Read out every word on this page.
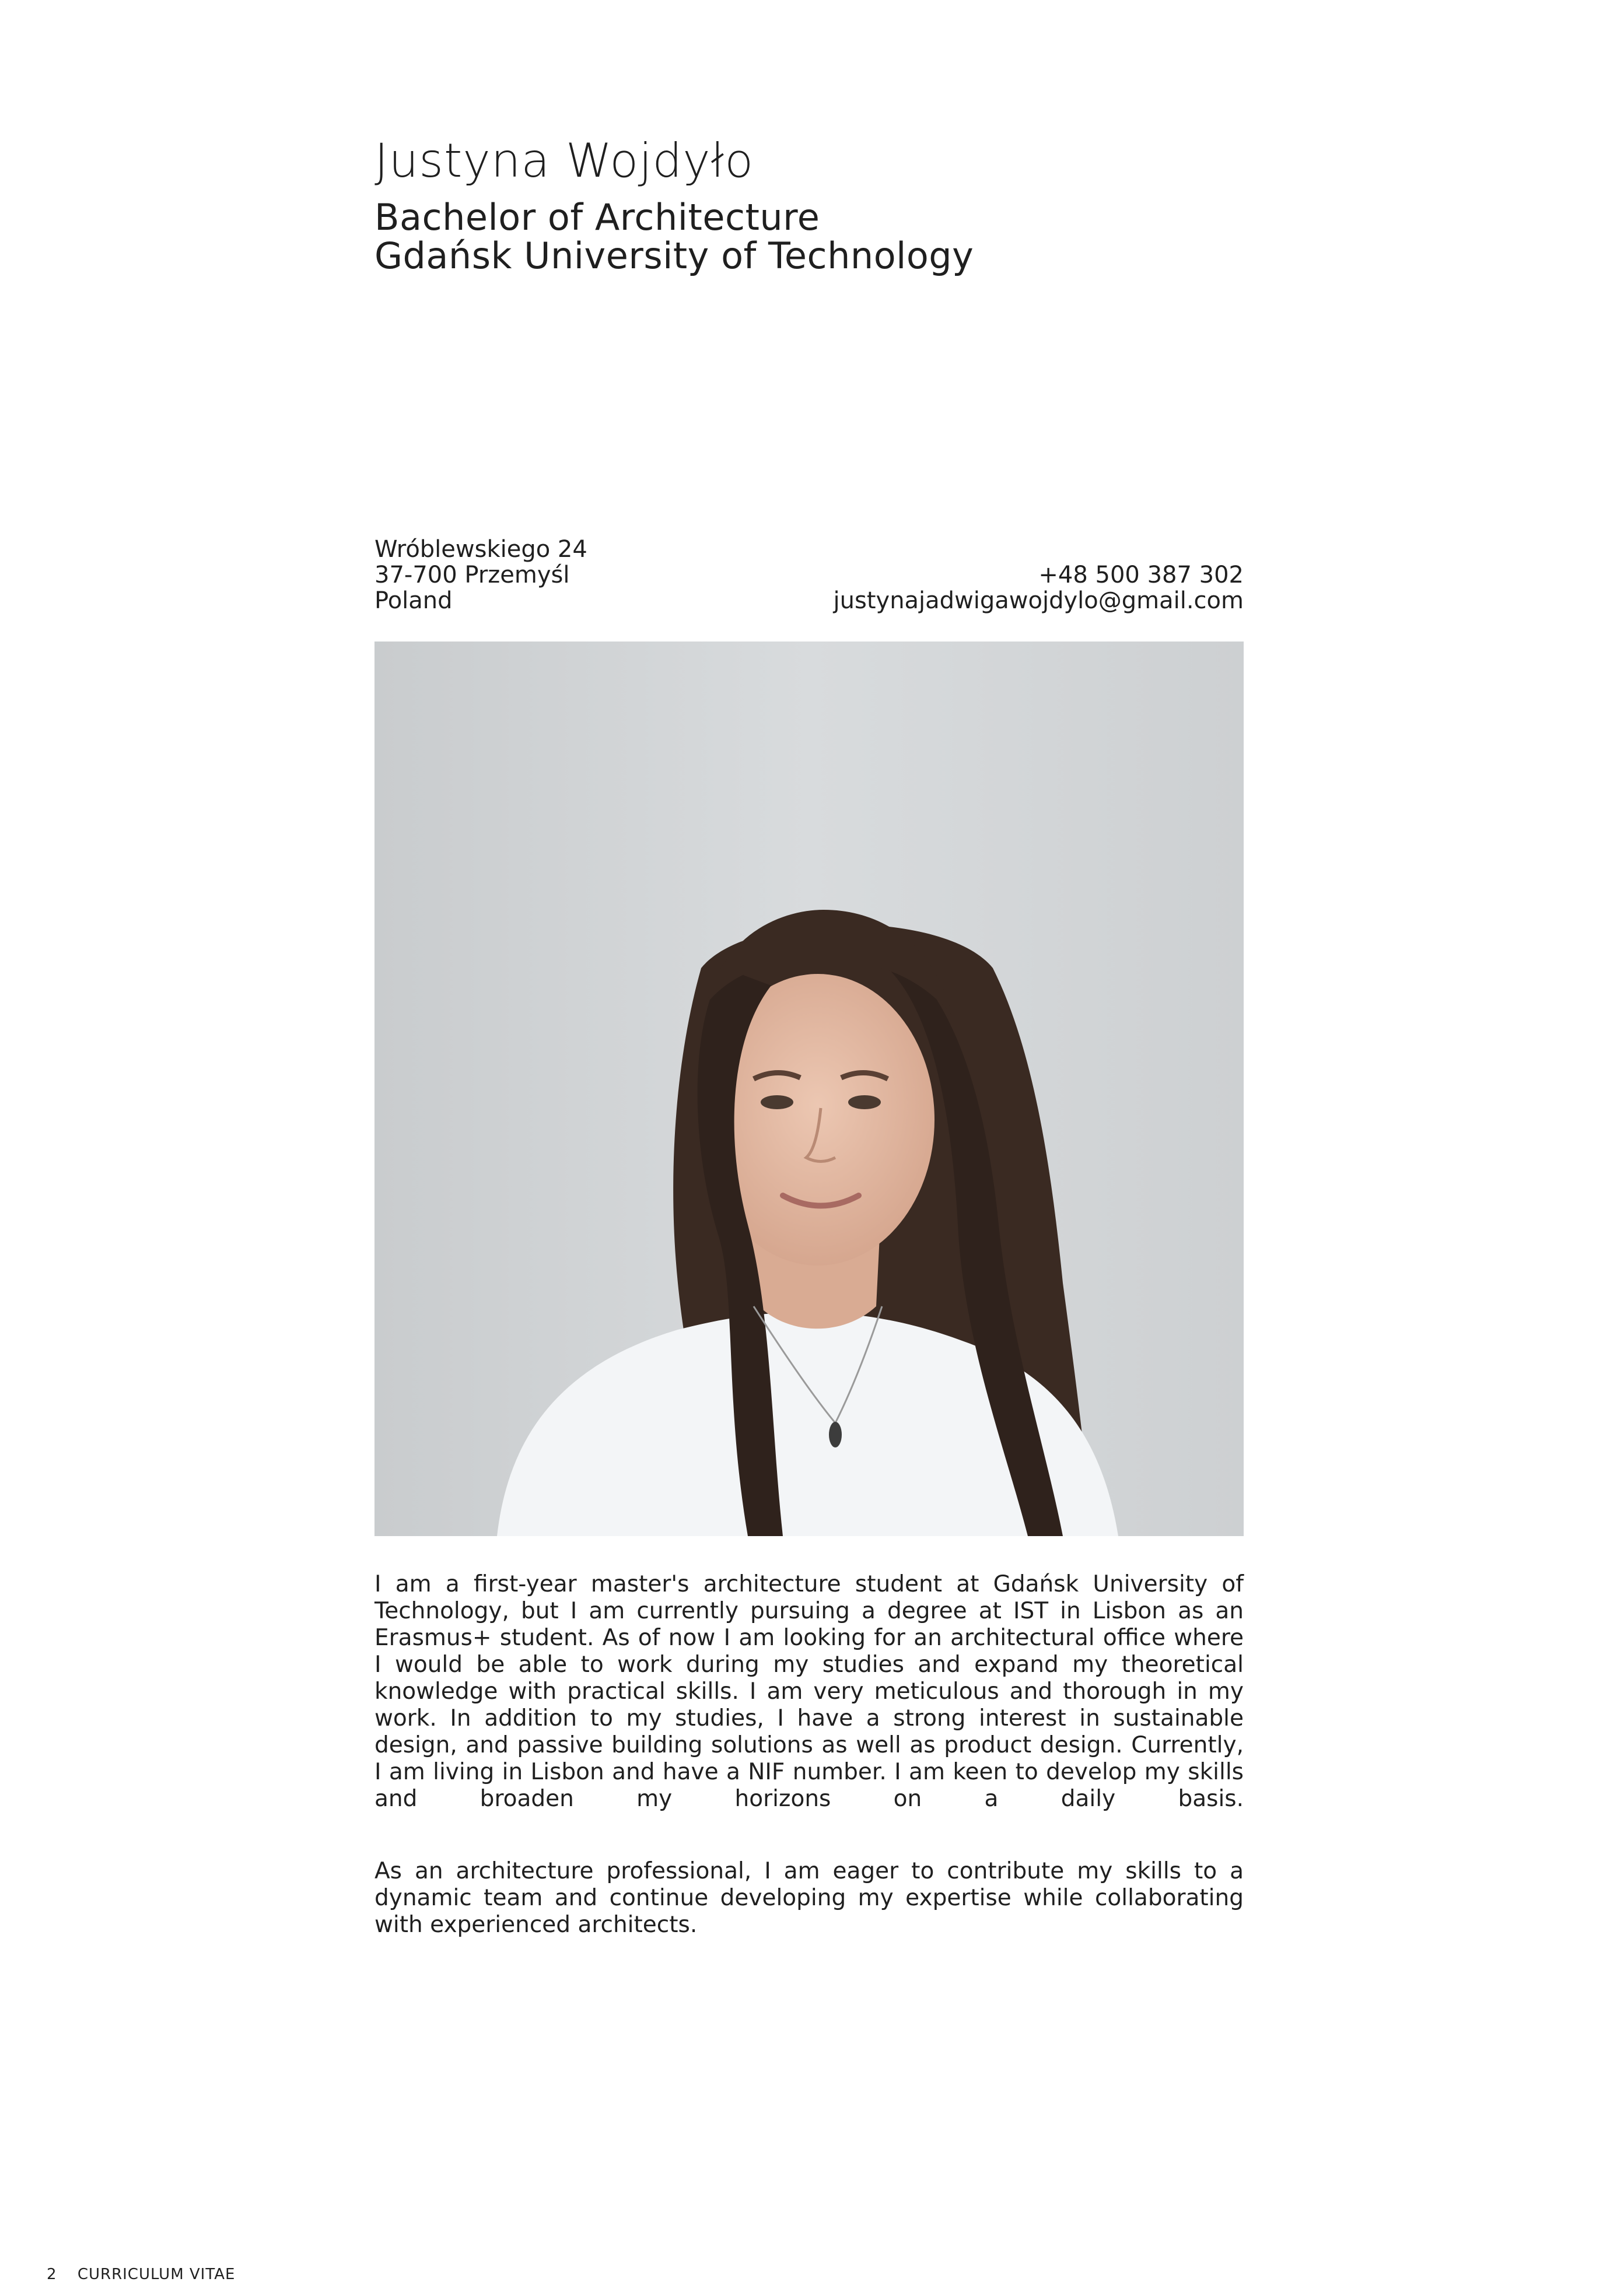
Justyna Wojdyło
Bachelor of Architecture
Gdańsk University of Technology
Wróblewskiego 24
37-700 Przemyśl
Poland
+48 500 387 302
justynajadwigawojdylo@gmail.com

I am a first-year master's architecture student at Gdańsk University of Technology, but I am currently pursuing a degree at IST in Lisbon as an Erasmus+ student. As of now I am looking for an architectural office where I would be able to work during my studies and expand my theoretical knowledge with practical skills. I am very meticulous and thorough in my work. In addition to my studies, I have a strong interest in sustainable design, and passive building solutions as well as product design. Currently, I am living in Lisbon and have a NIF number. I am keen to develop my skills and broaden my horizons on a daily basis.

As an architecture professional, I am eager to contribute my skills to a dynamic team and continue developing my expertise while collaborating with experienced architects.

2 CURRICULUM VITAE
